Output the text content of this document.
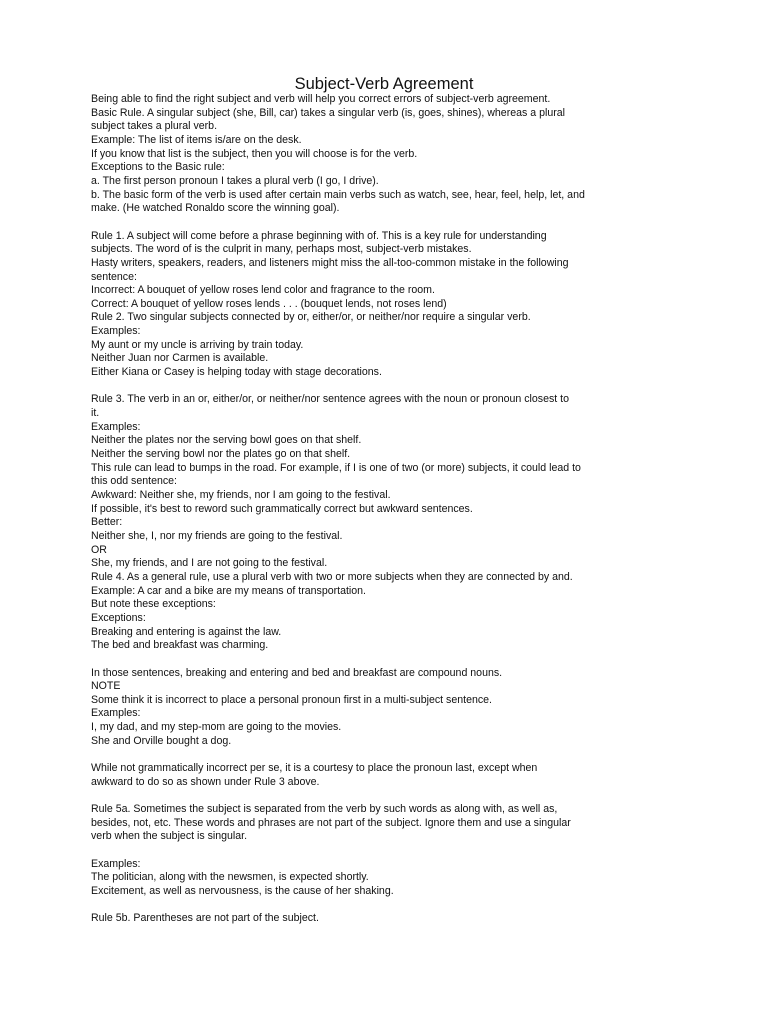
Subject-Verb Agreement
Being able to find the right subject and verb will help you correct errors of subject-verb agreement.
Basic Rule. A singular subject (she, Bill, car) takes a singular verb (is, goes, shines), whereas a plural
subject takes a plural verb.
Example: The list of items is/are on the desk.
If you know that list is the subject, then you will choose is for the verb.
Exceptions to the Basic rule:
a. The first person pronoun I takes a plural verb (I go, I drive).
b. The basic form of the verb is used after certain main verbs such as watch, see, hear, feel, help, let, and
make. (He watched Ronaldo score the winning goal).
Rule 1. A subject will come before a phrase beginning with of. This is a key rule for understanding
subjects. The word of is the culprit in many, perhaps most, subject-verb mistakes.
Hasty writers, speakers, readers, and listeners might miss the all-too-common mistake in the following
sentence:
Incorrect: A bouquet of yellow roses lend color and fragrance to the room.
Correct: A bouquet of yellow roses lends . . . (bouquet lends, not roses lend)
Rule 2. Two singular subjects connected by or, either/or, or neither/nor require a singular verb.
Examples:
My aunt or my uncle is arriving by train today.
Neither Juan nor Carmen is available.
Either Kiana or Casey is helping today with stage decorations.
Rule 3. The verb in an or, either/or, or neither/nor sentence agrees with the noun or pronoun closest to
it.
Examples:
Neither the plates nor the serving bowl goes on that shelf.
Neither the serving bowl nor the plates go on that shelf.
This rule can lead to bumps in the road. For example, if I is one of two (or more) subjects, it could lead to
this odd sentence:
Awkward: Neither she, my friends, nor I am going to the festival.
If possible, it's best to reword such grammatically correct but awkward sentences.
Better:
Neither she, I, nor my friends are going to the festival.
OR
She, my friends, and I are not going to the festival.
Rule 4. As a general rule, use a plural verb with two or more subjects when they are connected by and.
Example: A car and a bike are my means of transportation.
But note these exceptions:
Exceptions:
Breaking and entering is against the law.
The bed and breakfast was charming.
In those sentences, breaking and entering and bed and breakfast are compound nouns.
NOTE
Some think it is incorrect to place a personal pronoun first in a multi-subject sentence.
Examples:
I, my dad, and my step-mom are going to the movies.
She and Orville bought a dog.
While not grammatically incorrect per se, it is a courtesy to place the pronoun last, except when
awkward to do so as shown under Rule 3 above.
Rule 5a. Sometimes the subject is separated from the verb by such words as along with, as well as,
besides, not, etc. These words and phrases are not part of the subject. Ignore them and use a singular
verb when the subject is singular.
Examples:
The politician, along with the newsmen, is expected shortly.
Excitement, as well as nervousness, is the cause of her shaking.
Rule 5b. Parentheses are not part of the subject.
